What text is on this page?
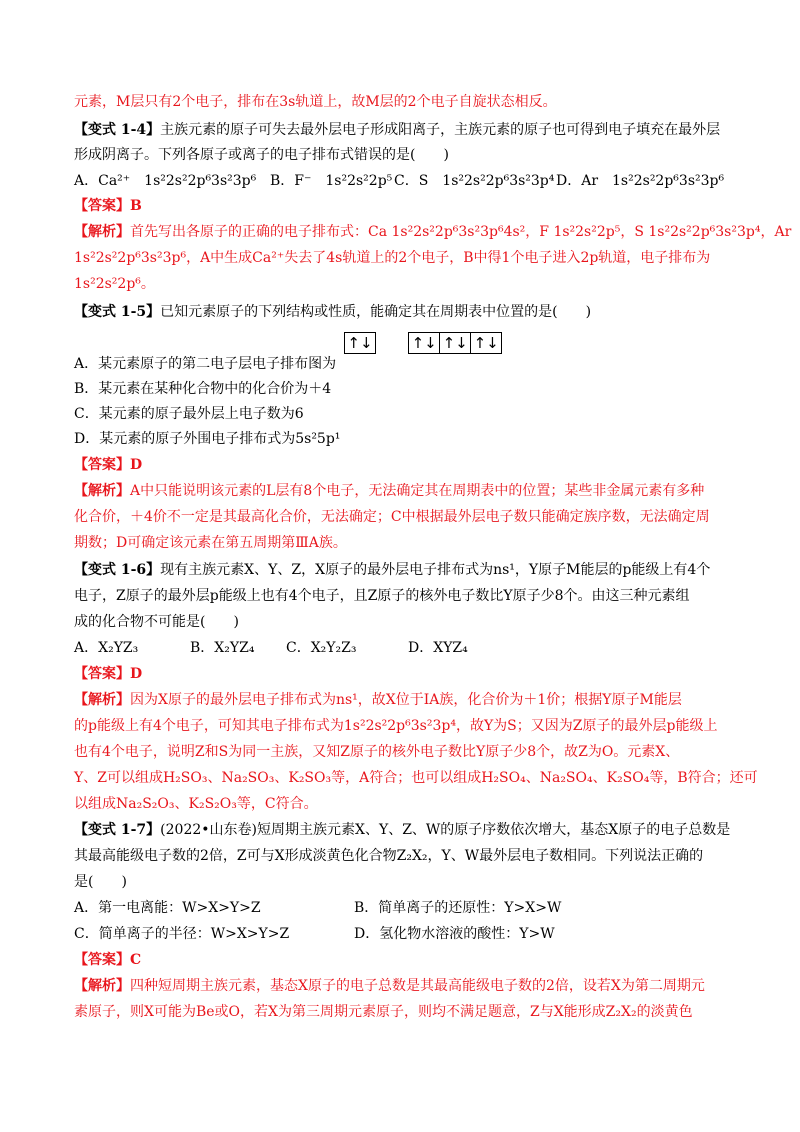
元素，M层只有2个电子，排布在3s轨道上，故M层的2个电子自旋状态相反。
【变式 1-4】主族元素的原子可失去最外层电子形成阳离子，主族元素的原子也可得到电子填充在最外层
形成阴离子。下列各原子或离子的电子排布式错误的是(　　)
A．Ca²⁺　1s²2s²2p⁶3s²3p⁶ B．F⁻　1s²2s²2p⁵ C．S　1s²2s²2p⁶3s²3p⁴ D．Ar　1s²2s²2p⁶3s²3p⁶
【答案】B
【解析】首先写出各原子的正确的电子排布式：Ca 1s²2s²2p⁶3s²3p⁶4s²，F 1s²2s²2p⁵，S 1s²2s²2p⁶3s²3p⁴，Ar
1s²2s²2p⁶3s²3p⁶，A中生成Ca²⁺失去了4s轨道上的2个电子，B中得1个电子进入2p轨道，电子排布为
1s²2s²2p⁶。
【变式 1-5】已知元素原子的下列结构或性质，能确定其在周期表中位置的是(　　)
↑↓	↑↓ ↑↓ ↑↓
A．某元素原子的第二电子层电子排布图为
B．某元素在某种化合物中的化合价为＋4
C．某元素的原子最外层上电子数为6
D．某元素的原子外围电子排布式为5s²5p¹
【答案】D
【解析】A中只能说明该元素的L层有8个电子，无法确定其在周期表中的位置；某些非金属元素有多种
化合价，＋4价不一定是其最高化合价，无法确定；C中根据最外层电子数只能确定族序数，无法确定周
期数；D可确定该元素在第五周期第ⅢA族。
【变式 1-6】现有主族元素X、Y、Z，X原子的最外层电子排布式为ns¹，Y原子M能层的p能级上有4个
电子，Z原子的最外层p能级上也有4个电子，且Z原子的核外电子数比Y原子少8个。由这三种元素组
成的化合物不可能是(　　)
A．X₂YZ₃	B．X₂YZ₄ C．X₂Y₂Z₃	D．XYZ₄
【答案】D
【解析】因为X原子的最外层电子排布式为ns¹，故X位于ⅠA族，化合价为＋1价；根据Y原子M能层
的p能级上有4个电子，可知其电子排布式为1s²2s²2p⁶3s²3p⁴，故Y为S；又因为Z原子的最外层p能级上
也有4个电子，说明Z和S为同一主族，又知Z原子的核外电子数比Y原子少8个，故Z为O。元素X、
Y、Z可以组成H₂SO₃、Na₂SO₃、K₂SO₃等，A符合；也可以组成H₂SO₄、Na₂SO₄、K₂SO₄等，B符合；还可
以组成Na₂S₂O₃、K₂S₂O₃等，C符合。
【变式 1-7】(2022•山东卷)短周期主族元素X、Y、Z、W的原子序数依次增大，基态X原子的电子总数是
其最高能级电子数的2倍，Z可与X形成淡黄色化合物Z₂X₂，Y、W最外层电子数相同。下列说法正确的
是(　　)
A．第一电离能：W>X>Y>Z	B．简单离子的还原性：Y>X>W
C．简单离子的半径：W>X>Y>Z	D．氢化物水溶液的酸性：Y>W
【答案】C
【解析】四种短周期主族元素，基态X原子的电子总数是其最高能级电子数的2倍，设若X为第二周期元
素原子，则X可能为Be或O，若X为第三周期元素原子，则均不满足题意，Z与X能形成Z₂X₂的淡黄色
